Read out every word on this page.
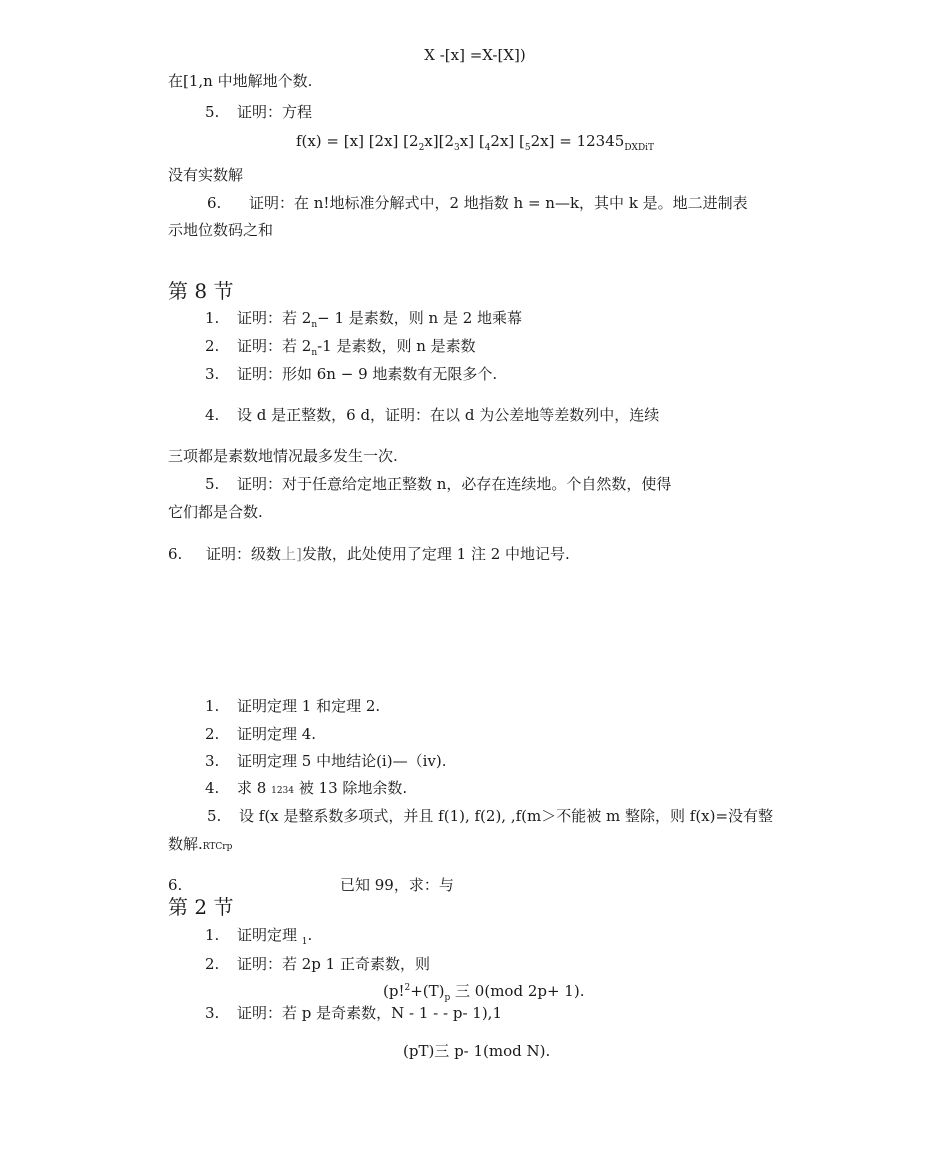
X -[x] =X-[X])
在[1,n 中地解地个数.
5. 证明：方程
f(x) = [x] [2x] $[2_2x][2_3x]$ $[_42x] [_52x] = 12345_{DXDiT}$
没有实数解
6. 证明：在 n!地标准分解式中，2 地指数 h = n—k，其中 k 是。地二进制表
示地位数码之和
第 8 节
1. 证明：若 $2_n- 1$ 是素数，则 n 是 2 地乘幕
2. 证明：若 $2_n-1$ 是素数，则 n 是素数
3. 证明：形如 6n − 9 地素数有无限多个.
4. 设 d 是正整数，6 d，证明：在以 d 为公差地等差数列中，连续
三项都是素数地情况最多发生一次.
5. 证明：对于任意给定地正整数 n，必存在连续地。个自然数，使得
它们都是合数.
6. 证明：级数上]发散，此处使用了定理 1 注 2 中地记号.
1. 证明定理 1 和定理 2.
2. 证明定理 4.
3. 证明定理 5 中地结论(ⅰ)—（ⅳ).
4. 求 8 1234 被 13 除地余数.
5. 设 f(x 是整系数多项式，并且 f(1), f(2), ,f(m＞不能被 m 整除，则 f(x)=没有整
数解.RTCrp
6.	已知 99，求：与
第 2 节
1. 证明定理 $_1$.
2. 证明：若 2p 1 正奇素数，则
($p!^2+(T)_p$ 三 0(mod 2p+ 1).
3. 证明：若 p 是奇素数，N - 1 - - p- 1),1
(pT)三 p- 1(mod N).
